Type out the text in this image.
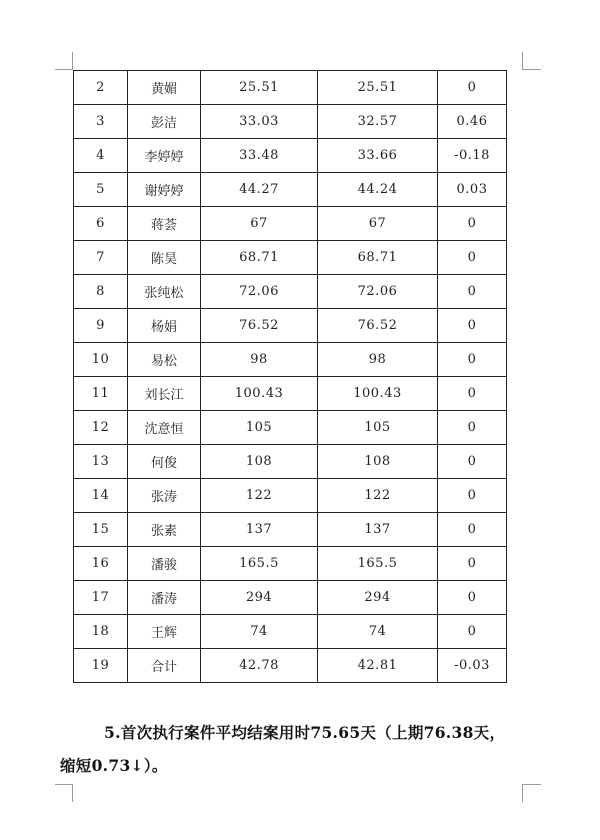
2	黄媚	25.51	25.51	0
3	彭洁	33.03	32.57	0.46
4	李婷婷	33.48	33.66	-0.18
5	谢婷婷	44.27	44.24	0.03
6	蒋荟	67	67	0
7	陈昊	68.71	68.71	0
8	张纯松	72.06	72.06	0
9	杨娟	76.52	76.52	0
10	易松	98	98	0
11	刘长江	100.43	100.43	0
12	沈意恒	105	105	0
13	何俊	108	108	0
14	张涛	122	122	0
15	张素	137	137	0
16	潘骏	165.5	165.5	0
17	潘涛	294	294	0
18	王辉	74	74	0
19	合计	42.78	42.81	-0.03
5.首次执行案件平均结案用时75.65天（上期76.38天，
缩短0.73↓）。
